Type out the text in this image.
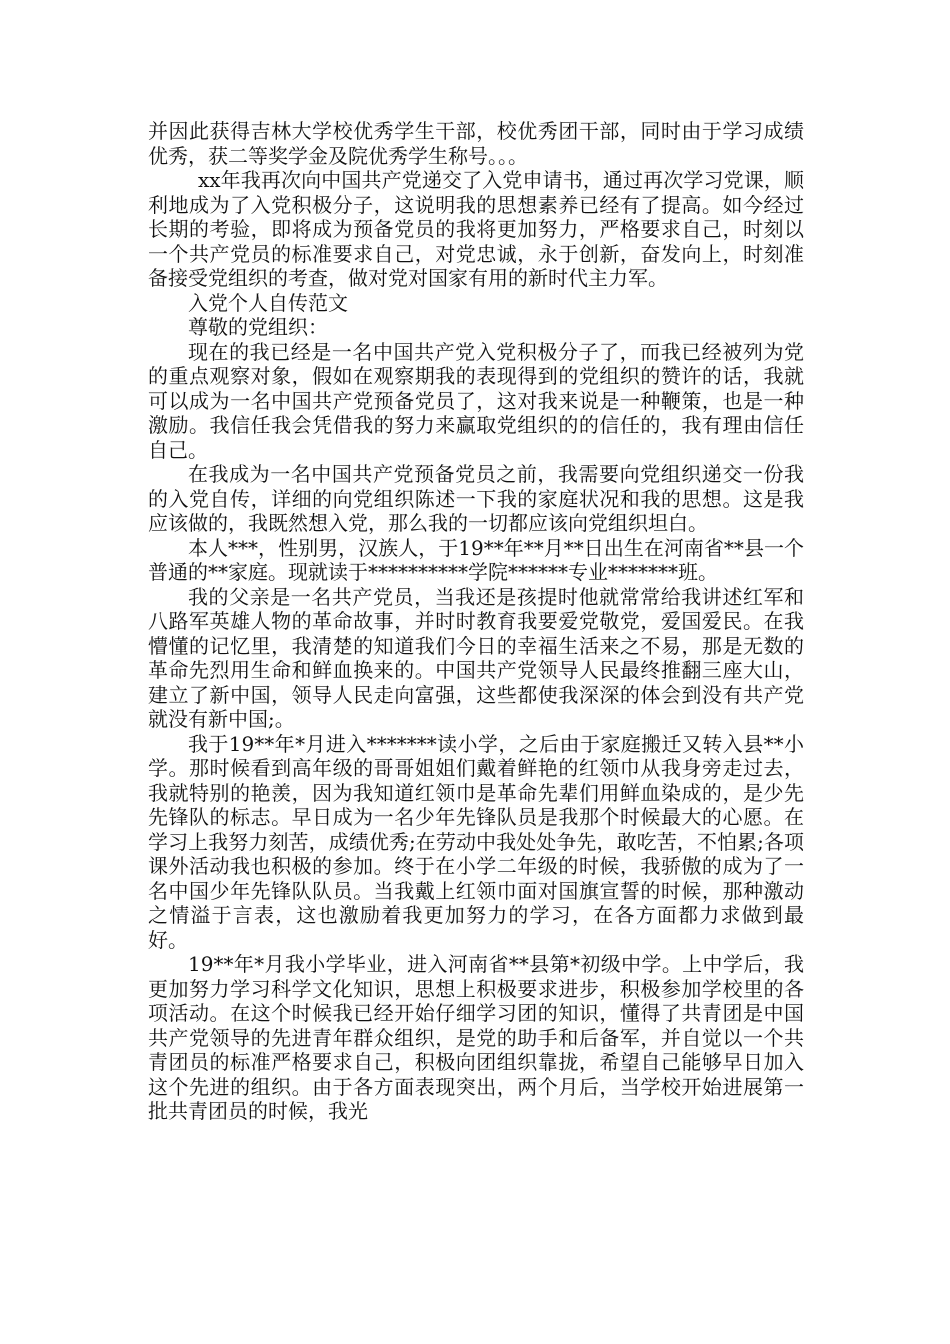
并因此获得吉林大学校优秀学生干部，校优秀团干部，同时由于学习成绩优秀，获二等奖学金及院优秀学生称号。。。

xx年我再次向中国共产党递交了入党申请书，通过再次学习党课，顺利地成为了入党积极分子，这说明我的思想素养已经有了提高。如今经过长期的考验，即将成为预备党员的我将更加努力，严格要求自己，时刻以一个共产党员的标准要求自己，对党忠诚，永于创新，奋发向上，时刻准备接受党组织的考查，做对党对国家有用的新时代主力军。

入党个人自传范文

尊敬的党组织：

现在的我已经是一名中国共产党入党积极分子了，而我已经被列为党的重点观察对象，假如在观察期我的表现得到的党组织的赞许的话，我就可以成为一名中国共产党预备党员了，这对我来说是一种鞭策，也是一种激励。我信任我会凭借我的努力来赢取党组织的的信任的，我有理由信任自己。

在我成为一名中国共产党预备党员之前，我需要向党组织递交一份我的入党自传，详细的向党组织陈述一下我的家庭状况和我的思想。这是我应该做的，我既然想入党，那么我的一切都应该向党组织坦白。

本人***，性别男，汉族人，于19**年**月**日出生在河南省**县一个普通的**家庭。现就读于**********学院******专业*******班。

我的父亲是一名共产党员，当我还是孩提时他就常常给我讲述红军和八路军英雄人物的革命故事，并时时教育我要爱党敬党，爱国爱民。在我懵懂的记忆里，我清楚的知道我们今日的幸福生活来之不易，那是无数的革命先烈用生命和鲜血换来的。中国共产党领导人民最终推翻三座大山，建立了新中国，领导人民走向富强，这些都使我深深的体会到没有共产党就没有新中国;。

我于19**年*月进入*******读小学，之后由于家庭搬迁又转入县**小学。那时候看到高年级的哥哥姐姐们戴着鲜艳的红领巾从我身旁走过去，我就特别的艳羡，因为我知道红领巾是革命先辈们用鲜血染成的，是少先先锋队的标志。早日成为一名少年先锋队员是我那个时候最大的心愿。在学习上我努力刻苦，成绩优秀;在劳动中我处处争先，敢吃苦，不怕累;各项课外活动我也积极的参加。终于在小学二年级的时候，我骄傲的成为了一名中国少年先锋队队员。当我戴上红领巾面对国旗宣誓的时候，那种激动之情溢于言表，这也激励着我更加努力的学习，在各方面都力求做到最好。

19**年*月我小学毕业，进入河南省**县第*初级中学。上中学后，我更加努力学习科学文化知识，思想上积极要求进步，积极参加学校里的各项活动。在这个时候我已经开始仔细学习团的知识，懂得了共青团是中国共产党领导的先进青年群众组织，是党的助手和后备军，并自觉以一个共青团员的标准严格要求自己，积极向团组织靠拢，希望自己能够早日加入这个先进的组织。由于各方面表现突出，两个月后，当学校开始进展第一批共青团员的时候，我光
